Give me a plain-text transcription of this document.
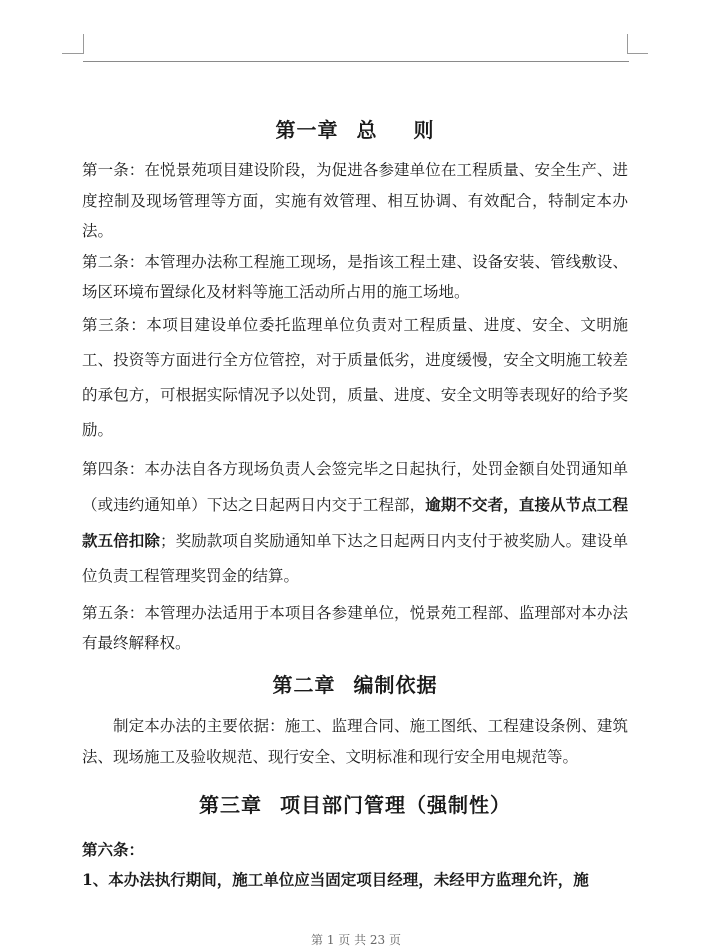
第一章 总 则

第一条：在悦景苑项目建设阶段，为促进各参建单位在工程质量、安全生产、进度控制及现场管理等方面，实施有效管理、相互协调、有效配合，特制定本办法。

第二条：本管理办法称工程施工现场，是指该工程土建、设备安装、管线敷设、场区环境布置绿化及材料等施工活动所占用的施工场地。

第三条：本项目建设单位委托监理单位负责对工程质量、进度、安全、文明施工、投资等方面进行全方位管控，对于质量低劣，进度缓慢，安全文明施工较差的承包方，可根据实际情况予以处罚，质量、进度、安全文明等表现好的给予奖励。

第四条：本办法自各方现场负责人会签完毕之日起执行，处罚金额自处罚通知单（或违约通知单）下达之日起两日内交于工程部，逾期不交者，直接从节点工程款五倍扣除；奖励款项自奖励通知单下达之日起两日内支付于被奖励人。建设单位负责工程管理奖罚金的结算。

第五条：本管理办法适用于本项目各参建单位，悦景苑工程部、监理部对本办法有最终解释权。

第二章 编制依据

制定本办法的主要依据：施工、监理合同、施工图纸、工程建设条例、建筑法、现场施工及验收规范、现行安全、文明标准和现行安全用电规范等。

第三章 项目部门管理（强制性）

第六条：

1、本办法执行期间，施工单位应当固定项目经理，未经甲方监理允许，施

第 1 页 共 23 页
